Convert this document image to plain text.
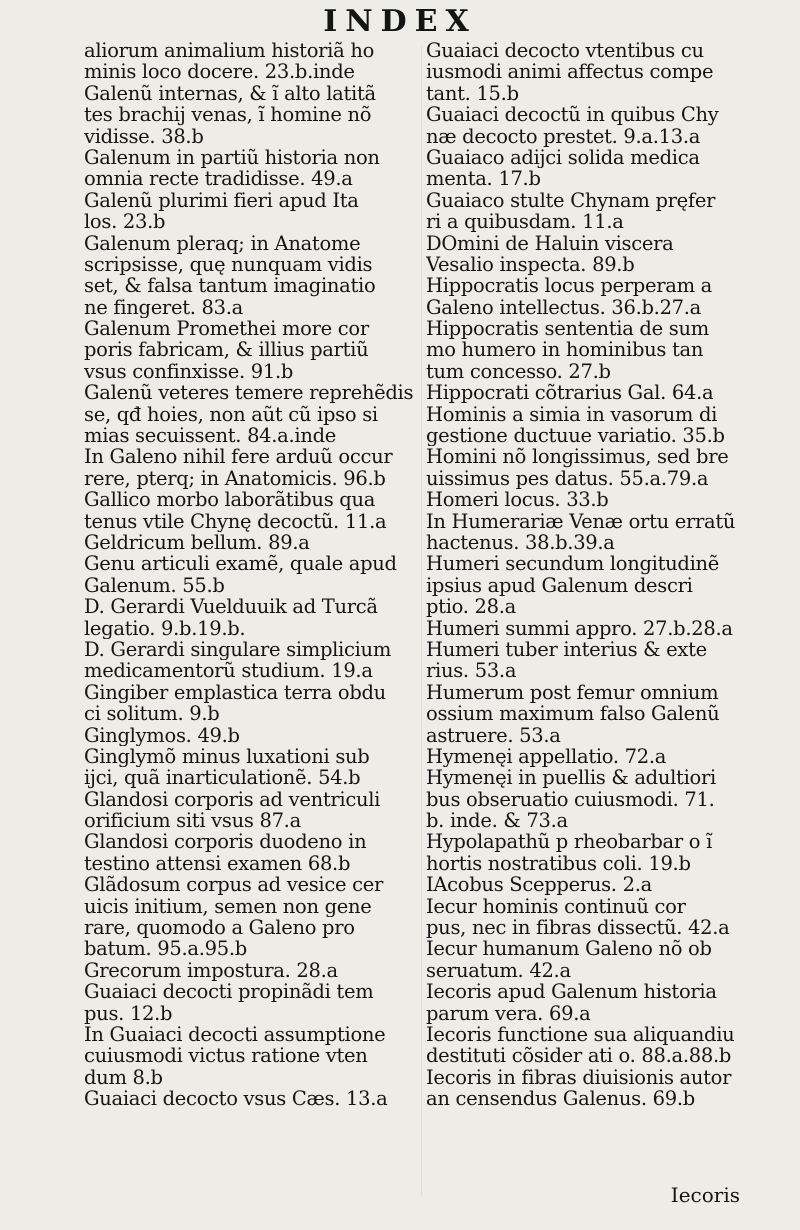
INDEX
aliorum animalium historiã ho
minis loco docere. 23.b.inde
Galenũ internas, & ĩ alto latitã
tes brachij venas, ĩ homine nõ
vidisse. 38.b
Galenum in partiũ historia non
omnia recte tradidisse. 49.a
Galenũ plurimi fieri apud Ita
los. 23.b
Galenum pleraq; in Anatome
scripsisse, quę nunquam vidis
set, & falsa tantum imaginatio
ne fingeret. 83.a
Galenum Promethei more cor
poris fabricam, & illius partiũ
vsus confinxisse. 91.b
Galenũ veteres temere reprehẽdis
se, qđ hoies, non aũt cũ ipso si
mias secuissent. 84.a.inde
In Galeno nihil fere arduũ occur
rere, pterq; in Anatomicis. 96.b
Gallico morbo laborãtibus qua
tenus vtile Chynę decoctũ. 11.a
Geldricum bellum. 89.a
Genu articuli examẽ, quale apud
Galenum. 55.b
D. Gerardi Vuelduuik ad Turcã
legatio. 9.b.19.b.
D. Gerardi singulare simplicium
medicamentorũ studium. 19.a
Gingiber emplastica terra obdu
ci solitum. 9.b
Ginglymos. 49.b
Ginglymõ minus luxationi sub
ijci, quã inarticulationẽ. 54.b
Glandosi corporis ad ventriculi
orificium siti vsus 87.a
Glandosi corporis duodeno in
testino attensi examen 68.b
Glãdosum corpus ad vesice cer
uicis initium, semen non gene
rare, quomodo a Galeno pro
batum. 95.a.95.b
Grecorum impostura. 28.a
Guaiaci decocti propinãdi tem
pus. 12.b
In Guaiaci decocti assumptione
cuiusmodi victus ratione vten
dum 8.b
Guaiaci decocto vsus Cæs. 13.a
Guaiaci decocto vtentibus cu
iusmodi animi affectus compe
tant. 15.b
Guaiaci decoctũ in quibus Chy
næ decocto prestet. 9.a.13.a
Guaiaco adijci solida medica
menta. 17.b
Guaiaco stulte Chynam pręfer
ri a quibusdam. 11.a
DOmini de Haluin viscera
Vesalio inspecta. 89.b
Hippocratis locus perperam a
Galeno intellectus. 36.b.27.a
Hippocratis sententia de sum
mo humero in hominibus tan
tum concesso. 27.b
Hippocrati cõtrarius Gal. 64.a
Hominis a simia in vasorum di
gestione ductuue variatio. 35.b
Homini nõ longissimus, sed bre
uissimus pes datus. 55.a.79.a
Homeri locus. 33.b
In Humerariæ Venæ ortu erratũ
hactenus. 38.b.39.a
Humeri secundum longitudinẽ
ipsius apud Galenum descri
ptio. 28.a
Humeri summi appro. 27.b.28.a
Humeri tuber interius & exte
rius. 53.a
Humerum post femur omnium
ossium maximum falso Galenũ
astruere. 53.a
Hymenęi appellatio. 72.a
Hymenęi in puellis & adultiori
bus obseruatio cuiusmodi. 71.
b. inde. & 73.a
Hypolapathũ p rheobarbar o ĩ
hortis nostratibus coli. 19.b
IAcobus Scepperus. 2.a
Iecur hominis continuũ cor
pus, nec in fibras dissectũ. 42.a
Iecur humanum Galeno nõ ob
seruatum. 42.a
Iecoris apud Galenum historia
parum vera. 69.a
Iecoris functione sua aliquandiu
destituti cõsider ati o. 88.a.88.b
Iecoris in fibras diuisionis autor
an censendus Galenus. 69.b
Iecoris
